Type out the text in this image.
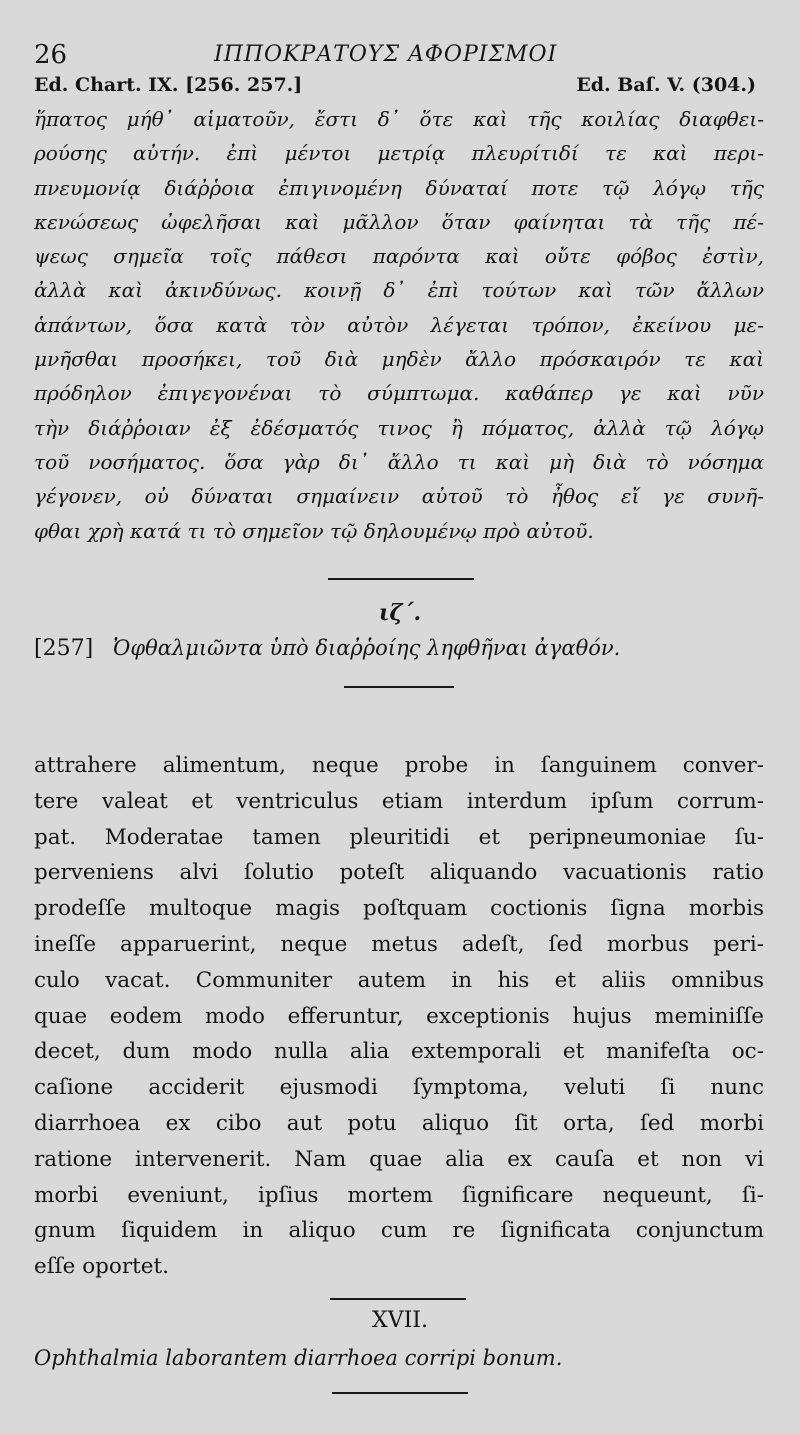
26	ΙΠΠΟΚΡΑΤΟΥΣ ΑΦΟΡΙΣΜΟΙ
Ed. Chart. IX. [256. 257.]	Ed. Baſ. V. (304.)
ἥπατος μήθ᾽ αἱματοῦν, ἔστι δ᾽ ὅτε καὶ τῆς κοιλίας διαφθει-
ρούσης αὐτήν. ἐπὶ μέντοι μετρίᾳ πλευρίτιδί τε καὶ περι-
πνευμονίᾳ διάῤῥοια ἐπιγινομένη δύναταί ποτε τῷ λόγῳ τῆς
κενώσεως ὠφελῆσαι καὶ μᾶλλον ὅταν φαίνηται τὰ τῆς πέ-
ψεως σημεῖα τοῖς πάθεσι παρόντα καὶ οὔτε φόβος ἐστὶν,
ἀλλὰ καὶ ἀκινδύνως. κοινῇ δ᾽ ἐπὶ τούτων καὶ τῶν ἄλλων
ἁπάντων, ὅσα κατὰ τὸν αὐτὸν λέγεται τρόπον, ἐκείνου με-
μνῆσθαι προσήκει, τοῦ διὰ μηδὲν ἄλλο πρόσκαιρόν τε καὶ
πρόδηλον ἐπιγεγονέναι τὸ σύμπτωμα. καθάπερ γε καὶ νῦν
τὴν διάῤῥοιαν ἐξ ἐδέσματός τινος ἢ πόματος, ἀλλὰ τῷ λόγῳ
τοῦ νοσήματος. ὅσα γὰρ δι᾽ ἄλλο τι καὶ μὴ διὰ τὸ νόσημα
γέγονεν, οὐ δύναται σημαίνειν αὐτοῦ τὸ ἦθος εἴ γε συνῆ-
φθαι χρὴ κατά τι τὸ σημεῖον τῷ δηλουμένῳ πρὸ αὐτοῦ.
ιζ΄.
[257] Ὀφθαλμιῶντα ὑπὸ διαῤῥοίης ληφθῆναι ἀγαθόν.
attrahere alimentum, neque probe in ſanguinem conver-
tere valeat et ventriculus etiam interdum ipſum corrum-
pat. Moderatae tamen pleuritidi et peripneumoniae ſu-
perveniens alvi ſolutio poteſt aliquando vacuationis ratio
prodeſſe multoque magis poſtquam coctionis ſigna morbis
ineſſe apparuerint, neque metus adeſt, ſed morbus peri-
culo vacat. Communiter autem in his et aliis omnibus
quae eodem modo efferuntur, exceptionis hujus meminiſſe
decet, dum modo nulla alia extemporali et manifeſta oc-
caſione acciderit ejusmodi ſymptoma, veluti ſi nunc
diarrhoea ex cibo aut potu aliquo ſit orta, ſed morbi
ratione intervenerit. Nam quae alia ex cauſa et non vi
morbi eveniunt, ipſius mortem ſignificare nequeunt, ſi-
gnum ſiquidem in aliquo cum re ſignificata conjunctum
eſſe oportet.
XVII.
Ophthalmia laborantem diarrhoea corripi bonum.
